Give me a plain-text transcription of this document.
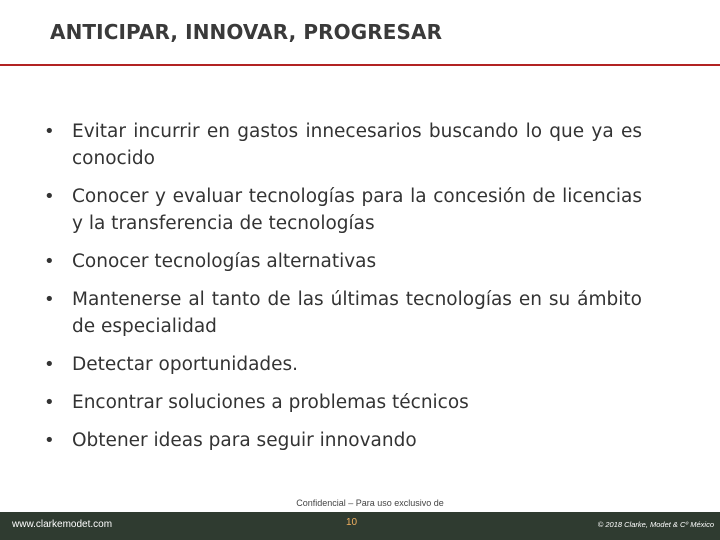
ANTICIPAR, INNOVAR, PROGRESAR
• Evitar incurrir en gastos innecesarios buscando lo que ya es conocido
• Conocer y evaluar tecnologías para la concesión de licencias y la transferencia de tecnologías
• Conocer tecnologías alternativas
• Mantenerse al tanto de las últimas tecnologías en su ámbito de especialidad
• Detectar oportunidades.
• Encontrar soluciones a problemas técnicos
• Obtener ideas para seguir innovando
Confidencial – Para uso exclusivo de
www.clarkemodet.com	10	© 2018 Clarke, Modet & Cº México
